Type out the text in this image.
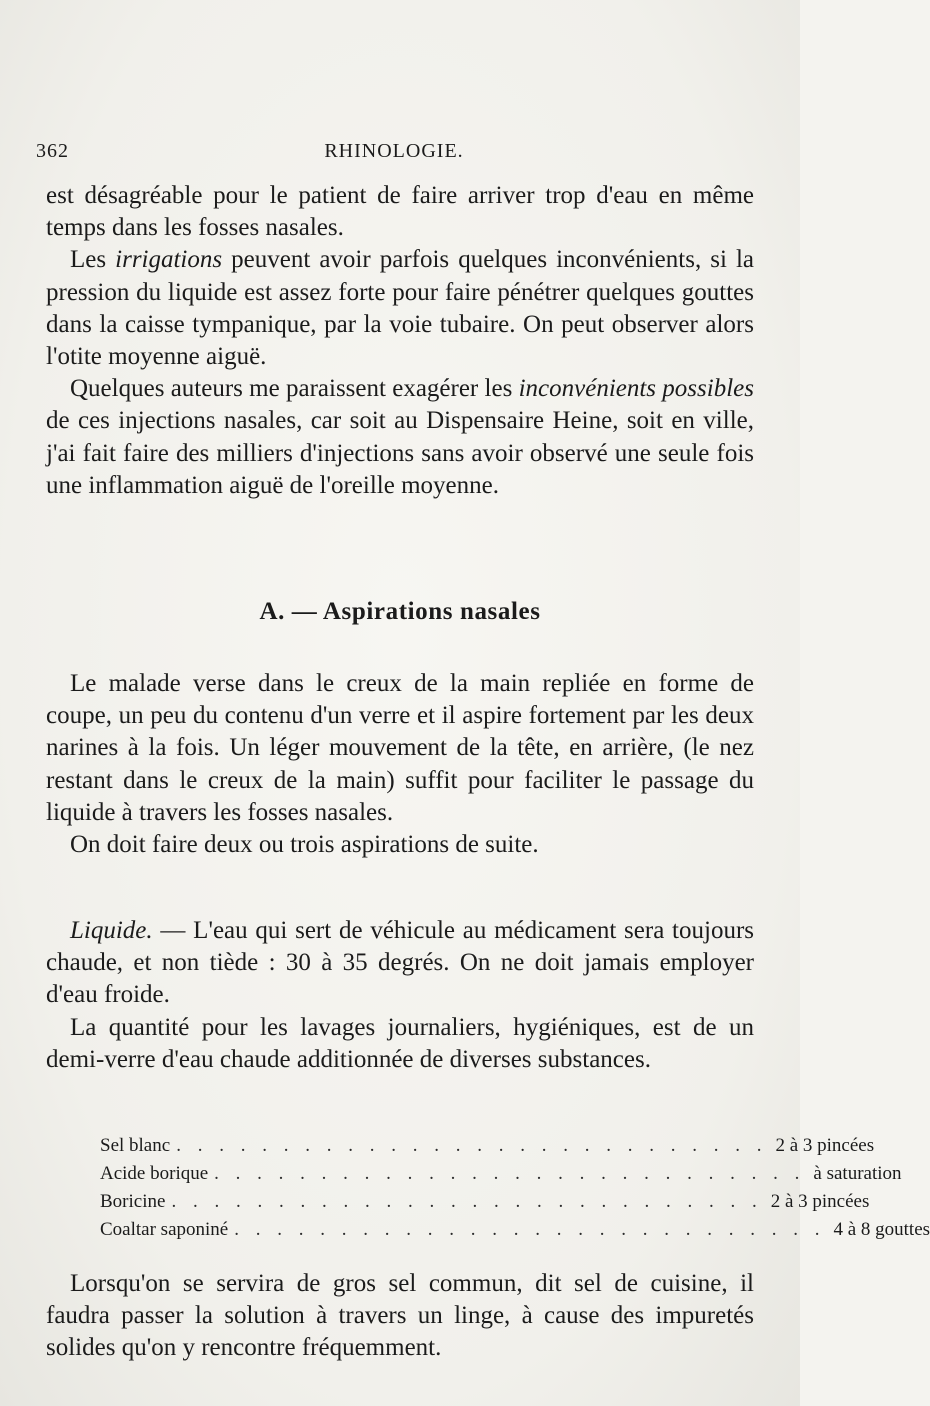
362	RHINOLOGIE.

est désagréable pour le patient de faire arriver trop d'eau en même temps dans les fosses nasales.

Les irrigations peuvent avoir parfois quelques inconvénients, si la pression du liquide est assez forte pour faire pénétrer quelques gouttes dans la caisse tympanique, par la voie tubaire. On peut observer alors l'otite moyenne aiguë.

Quelques auteurs me paraissent exagérer les inconvénients possibles de ces injections nasales, car soit au Dispensaire Heine, soit en ville, j'ai fait faire des milliers d'injections sans avoir observé une seule fois une inflammation aiguë de l'oreille moyenne.

A. — Aspirations nasales

Le malade verse dans le creux de la main repliée en forme de coupe, un peu du contenu d'un verre et il aspire fortement par les deux narines à la fois. Un léger mouvement de la tête, en arrière, (le nez restant dans le creux de la main) suffit pour faciliter le passage du liquide à travers les fosses nasales.

On doit faire deux ou trois aspirations de suite.

Liquide. — L'eau qui sert de véhicule au médicament sera toujours chaude, et non tiède : 30 à 35 degrés. On ne doit jamais employer d'eau froide.

La quantité pour les lavages journaliers, hygiéniques, est de un demi-verre d'eau chaude additionnée de diverses substances.

Sel blanc . . . . . . . . . . . . . . . . . . . . . . . . . . . . 2 à 3 pincées
Acide borique . . . . . . . . . . . . . . . . . . . . . . . . . . . . à saturation
Boricine . . . . . . . . . . . . . . . . . . . . . . . . . . . . 2 à 3 pincées
Coaltar saponiné . . . . . . . . . . . . . . . . . . . . . . . . . . . . 4 à 8 gouttes

Lorsqu'on se servira de gros sel commun, dit sel de cuisine, il faudra passer la solution à travers un linge, à cause des impuretés solides qu'on y rencontre fréquemment.
